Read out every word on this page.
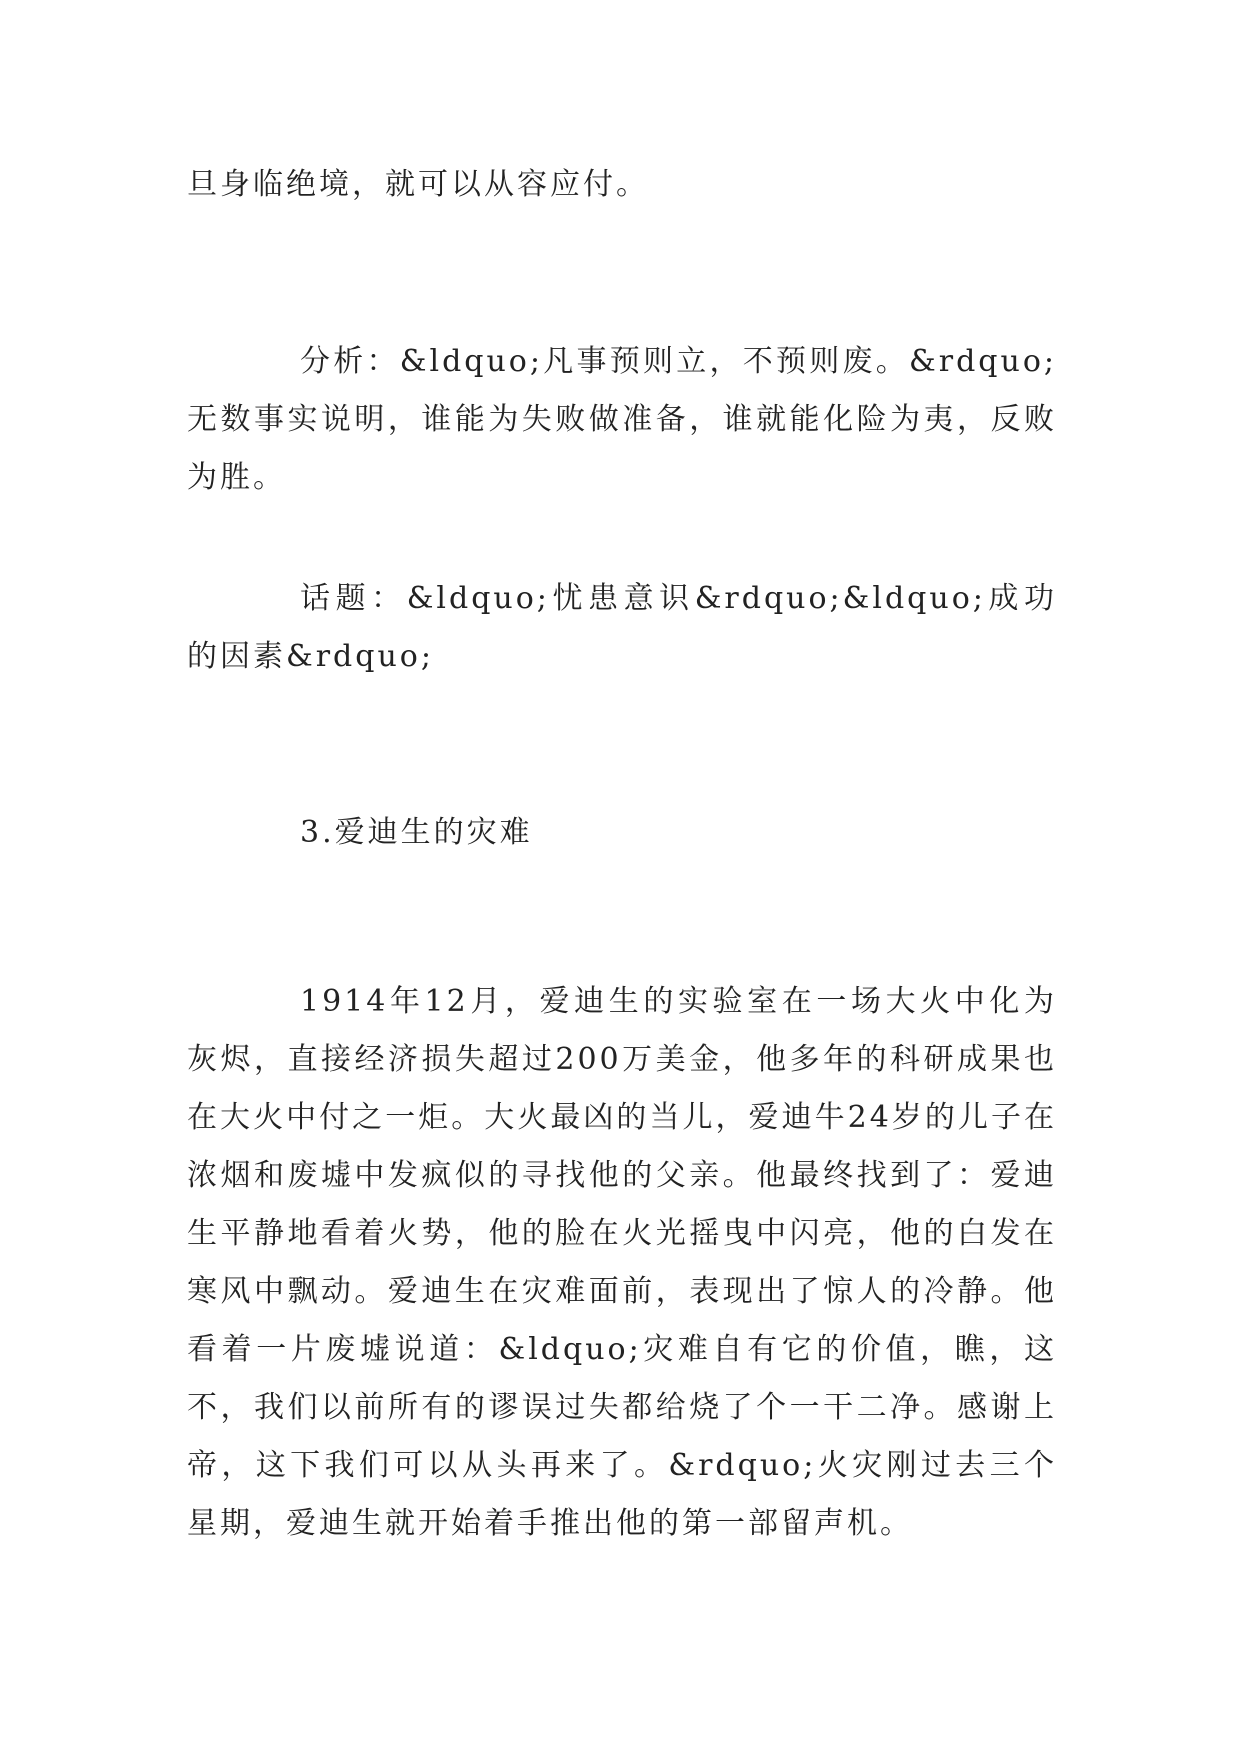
旦身临绝境，就可以从容应付。

分析：&ldquo;凡事预则立，不预则废。&rdquo;无数事实说明，谁能为失败做准备，谁就能化险为夷，反败为胜。

话题：&ldquo;忧患意识&rdquo;&ldquo;成功的因素&rdquo;

3.爱迪生的灾难

1914年12月，爱迪生的实验室在一场大火中化为灰烬，直接经济损失超过200万美金，他多年的科研成果也在大火中付之一炬。大火最凶的当儿，爱迪牛24岁的儿子在浓烟和废墟中发疯似的寻找他的父亲。他最终找到了：爱迪生平静地看着火势，他的脸在火光摇曳中闪亮，他的白发在寒风中飘动。爱迪生在灾难面前，表现出了惊人的冷静。他看着一片废墟说道：&ldquo;灾难自有它的价值，瞧，这不，我们以前所有的谬误过失都给烧了个一干二净。感谢上帝，这下我们可以从头再来了。&rdquo;火灾刚过去三个星期，爱迪生就开始着手推出他的第一部留声机。
